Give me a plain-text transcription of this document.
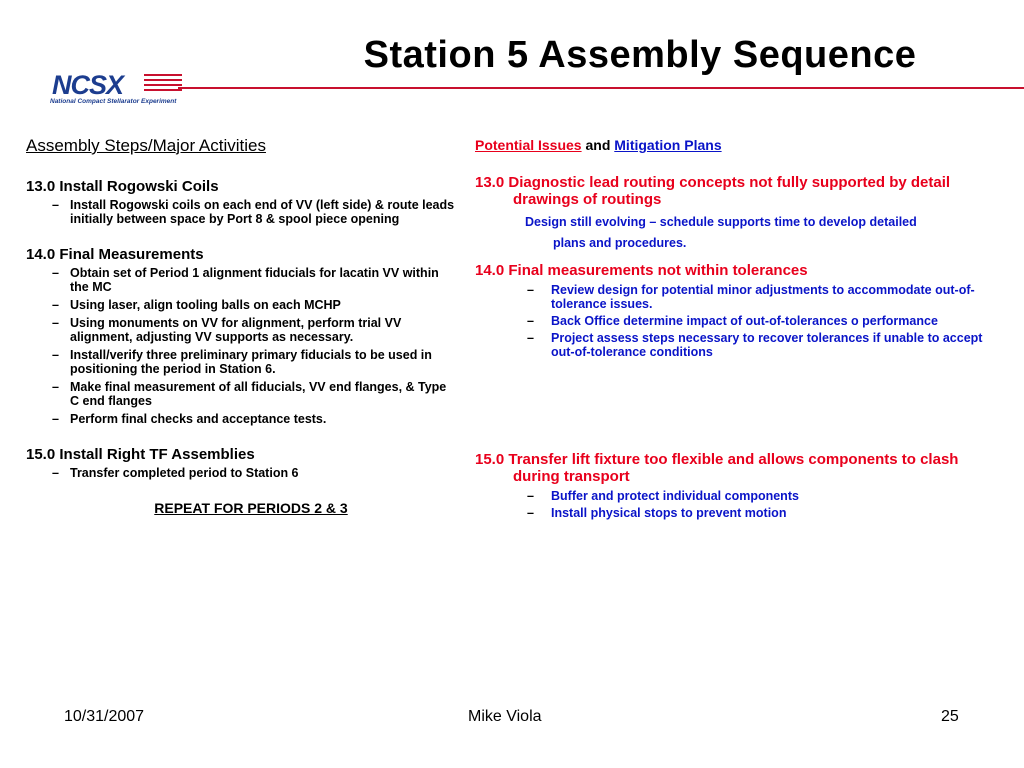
Station 5 Assembly Sequence
NCSX
National Compact Stellarator Experiment
Assembly Steps/Major Activities
13.0 Install Rogowski Coils
– Install Rogowski coils on each end of VV (left side) & route leads initially between space by Port 8 & spool piece opening
14.0 Final Measurements
– Obtain set of Period 1 alignment fiducials for lacatin VV within the MC
– Using laser, align tooling balls on each MCHP
– Using monuments on VV for alignment, perform trial VV alignment, adjusting VV supports as necessary.
– Install/verify three preliminary primary fiducials to be used in positioning the period in Station 6.
– Make final measurement of all fiducials, VV end flanges, & Type C end flanges
– Perform final checks and acceptance tests.
15.0 Install Right TF Assemblies
– Transfer completed period to Station 6
REPEAT FOR PERIODS 2 & 3
Potential Issues and Mitigation Plans
13.0 Diagnostic lead routing concepts not fully supported by detail drawings of routings
Design still evolving – schedule supports time to develop detailed
plans and procedures.
14.0 Final measurements not within tolerances
– Review design for potential minor adjustments to accommodate out-of-tolerance issues.
– Back Office determine impact of out-of-tolerances o performance
– Project assess steps necessary to recover tolerances if unable to accept out-of-tolerance conditions
15.0 Transfer lift fixture too flexible and allows components to clash during transport
– Buffer and protect individual components
– Install physical stops to prevent motion
10/31/2007	Mike Viola	25
